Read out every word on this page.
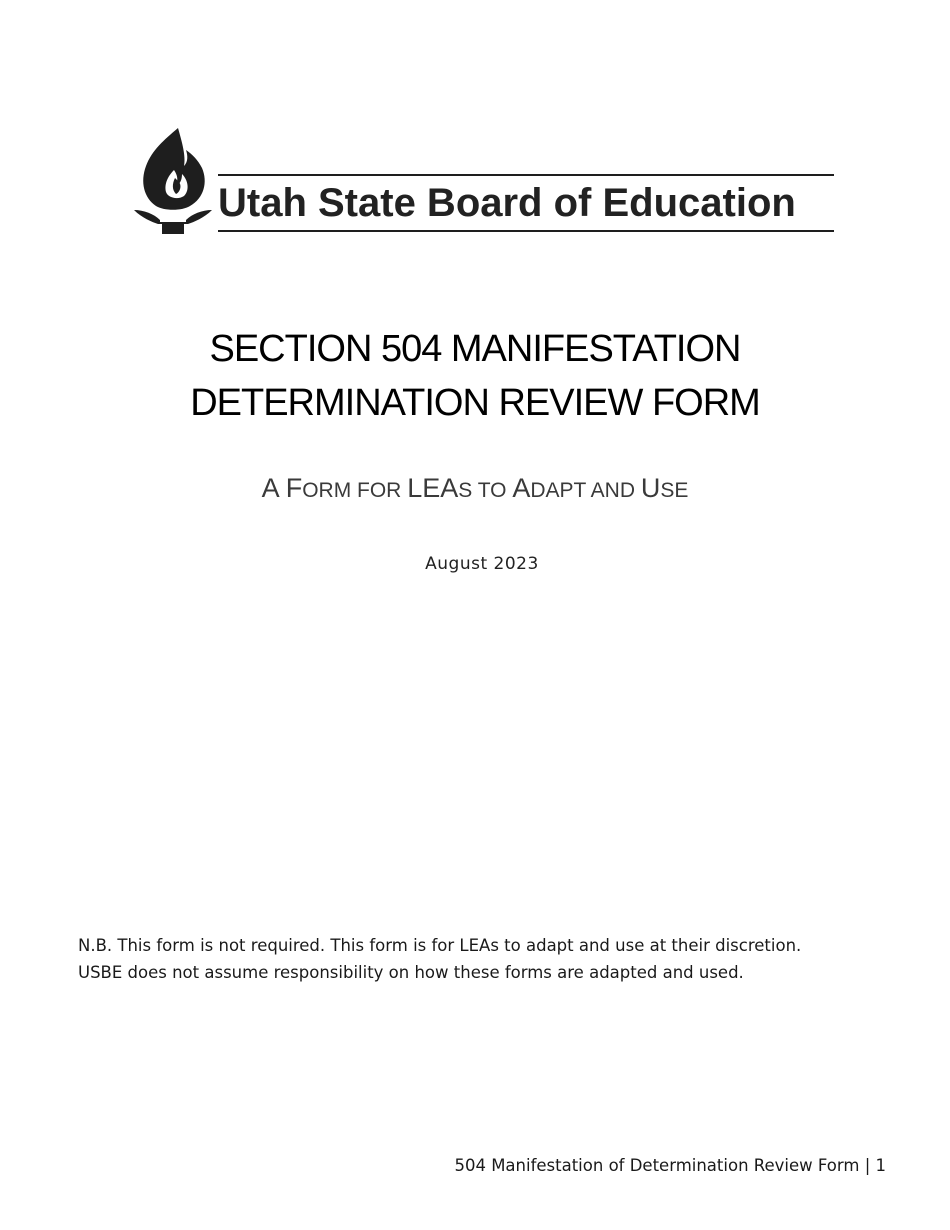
Utah State Board of Education
SECTION 504 MANIFESTATION
DETERMINATION REVIEW FORM
A FORM FOR LEAS TO ADAPT AND USE
August 2023
N.B. This form is not required. This form is for LEAs to adapt and use at their discretion.
USBE does not assume responsibility on how these forms are adapted and used.
504 Manifestation of Determination Review Form | 1
